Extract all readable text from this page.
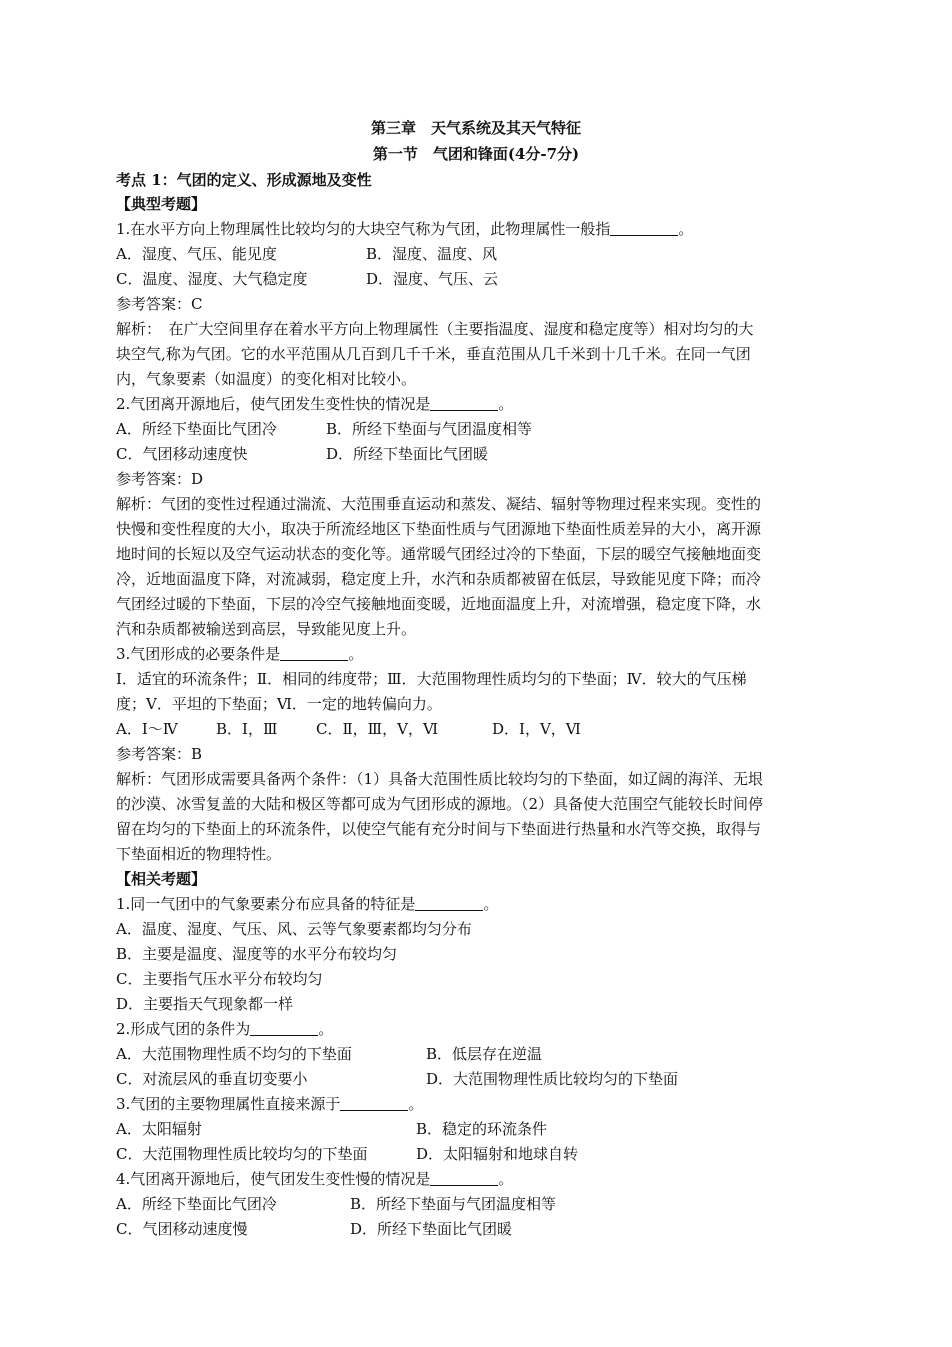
第三章　天气系统及其天气特征
第一节　气团和锋面(4分-7分)
考点 1：气团的定义、形成源地及变性
【典型考题】
1.在水平方向上物理属性比较均匀的大块空气称为气团，此物理属性一般指	。
A．湿度、气压、能见度	B．湿度、温度、风
C．温度、湿度、大气稳定度	D．湿度、气压、云
参考答案：C
解析：　在广大空间里存在着水平方向上物理属性（主要指温度、湿度和稳定度等）相对均匀的大
块空气,称为气团。它的水平范围从几百到几千千米，垂直范围从几千米到十几千米。在同一气团
内，气象要素（如温度）的变化相对比较小。
2.气团离开源地后，使气团发生变性快的情况是	。
A．所经下垫面比气团冷	B．所经下垫面与气团温度相等
C．气团移动速度快	D．所经下垫面比气团暖
参考答案：D
解析：气团的变性过程通过湍流、大范围垂直运动和蒸发、凝结、辐射等物理过程来实现。变性的
快慢和变性程度的大小，取决于所流经地区下垫面性质与气团源地下垫面性质差异的大小，离开源
地时间的长短以及空气运动状态的变化等。通常暖气团经过冷的下垫面，下层的暖空气接触地面变
冷，近地面温度下降，对流减弱，稳定度上升，水汽和杂质都被留在低层，导致能见度下降；而冷
气团经过暖的下垫面，下层的冷空气接触地面变暖，近地面温度上升，对流增强，稳定度下降，水
汽和杂质都被输送到高层，导致能见度上升。
3.气团形成的必要条件是	。
Ⅰ．适宜的环流条件；Ⅱ．相同的纬度带；Ⅲ．大范围物理性质均匀的下垫面；Ⅳ．较大的气压梯
度；Ⅴ．平坦的下垫面；Ⅵ．一定的地转偏向力。
A．Ⅰ～Ⅳ	B．Ⅰ，Ⅲ	C．Ⅱ，Ⅲ，Ⅴ，Ⅵ	D．Ⅰ，Ⅴ，Ⅵ
参考答案：B
解析：气团形成需要具备两个条件：（1）具备大范围性质比较均匀的下垫面，如辽阔的海洋、无垠
的沙漠、冰雪复盖的大陆和极区等都可成为气团形成的源地。（2）具备使大范围空气能较长时间停
留在均匀的下垫面上的环流条件，以使空气能有充分时间与下垫面进行热量和水汽等交换，取得与
下垫面相近的物理特性。
【相关考题】
1.同一气团中的气象要素分布应具备的特征是	。
A．温度、湿度、气压、风、云等气象要素都均匀分布
B．主要是温度、湿度等的水平分布较均匀
C．主要指气压水平分布较均匀
D．主要指天气现象都一样
2.形成气团的条件为	。
A．大范围物理性质不均匀的下垫面	B．低层存在逆温
C．对流层风的垂直切变要小	D．大范围物理性质比较均匀的下垫面
3.气团的主要物理属性直接来源于	。
A．太阳辐射	B．稳定的环流条件
C．大范围物理性质比较均匀的下垫面	D．太阳辐射和地球自转
4.气团离开源地后，使气团发生变性慢的情况是	。
A．所经下垫面比气团冷	B．所经下垫面与气团温度相等
C．气团移动速度慢	D．所经下垫面比气团暖
